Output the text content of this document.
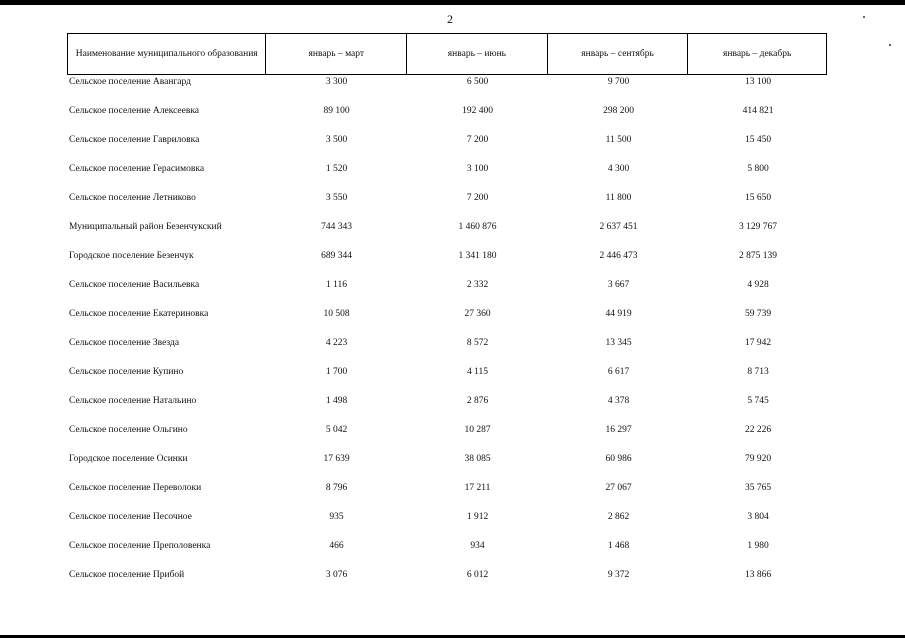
2
Наименование муниципального образования	январь – март	январь – июнь	январь – сентябрь	январь – декабрь
Сельское поселение Авангард	3 300	6 500	9 700	13 100
Сельское поселение Алексеевка	89 100	192 400	298 200	414 821
Сельское поселение Гавриловка	3 500	7 200	11 500	15 450
Сельское поселение Герасимовка	1 520	3 100	4 300	5 800
Сельское поселение Летниково	3 550	7 200	11 800	15 650
Муниципальный район Безенчукский	744 343	1 460 876	2 637 451	3 129 767
Городское поселение Безенчук	689 344	1 341 180	2 446 473	2 875 139
Сельское поселение Васильевка	1 116	2 332	3 667	4 928
Сельское поселение Екатериновка	10 508	27 360	44 919	59 739
Сельское поселение Звезда	4 223	8 572	13 345	17 942
Сельское поселение Купино	1 700	4 115	6 617	8 713
Сельское поселение Натальино	1 498	2 876	4 378	5 745
Сельское поселение Ольгино	5 042	10 287	16 297	22 226
Городское поселение Осинки	17 639	38 085	60 986	79 920
Сельское поселение Переволоки	8 796	17 211	27 067	35 765
Сельское поселение Песочное	935	1 912	2 862	3 804
Сельское поселение Преполовенка	466	934	1 468	1 980
Сельское поселение Прибой	3 076	6 012	9 372	13 866
